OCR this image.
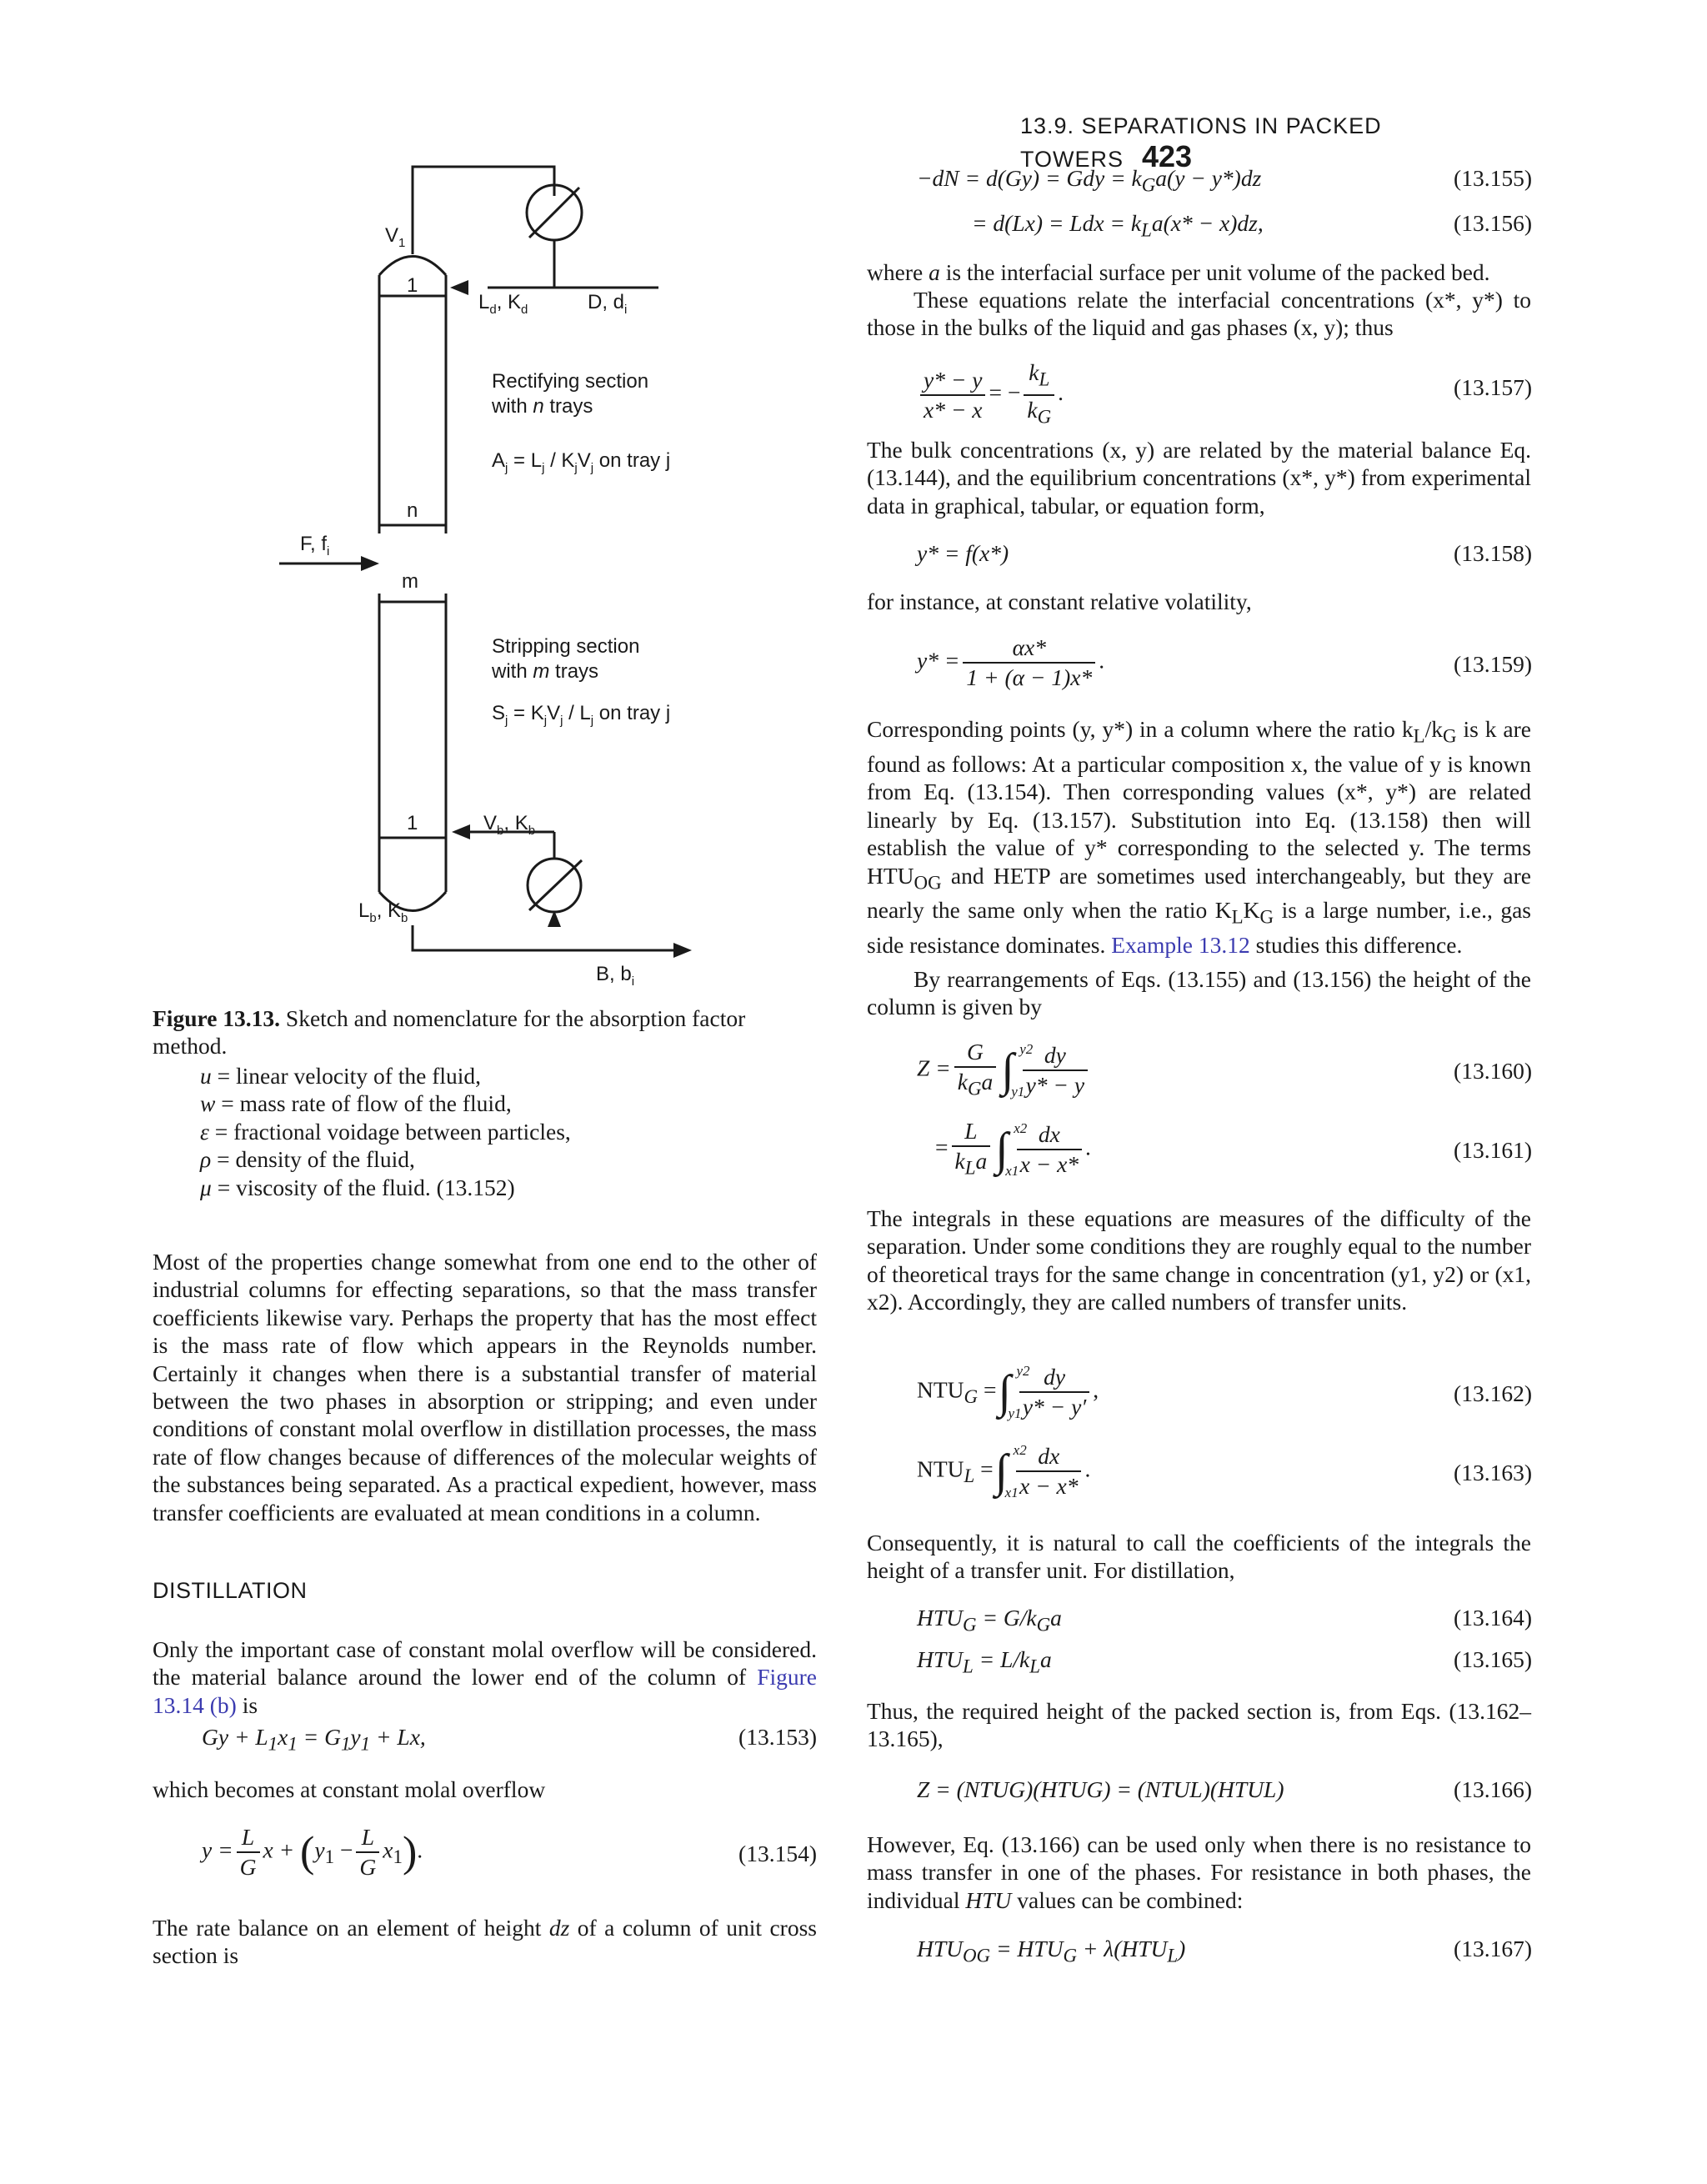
13.9. SEPARATIONS IN PACKED TOWERS 423
$V_1$
1
$L_d$, $K_d$	D, $d_i$
Rectifying section
with n trays
$A_j = L_j / K_jV_j$ on tray j
n
F, $f_i$
m
Stripping section
with m trays
$S_j = K_jV_j / L_j$ on tray j
1	$V_b$, $K_b$
$L_b$, $K_b$
B, $b_i$

Figure 13.13. Sketch and nomenclature for the absorption factor method.

u = linear velocity of the fluid,
w = mass rate of flow of the fluid,
ε = fractional voidage between particles,
ρ = density of the fluid,
μ = viscosity of the fluid. (13.152)

Most of the properties change somewhat from one end to the other of industrial columns for effecting separations, so that the mass transfer coefficients likewise vary. Perhaps the property that has the most effect is the mass rate of flow which appears in the Reynolds number. Certainly it changes when there is a substantial transfer of material between the two phases in absorption or stripping; and even under conditions of constant molal overflow in distillation processes, the mass rate of flow changes because of differences of the molecular weights of the substances being separated. As a practical expedient, however, mass transfer coefficients are evaluated at mean conditions in a column.

DISTILLATION

Only the important case of constant molal overflow will be considered. the material balance around the lower end of the column of Figure 13.14 (b) is

$Gy + L_1x_1 = G_1y_1 + Lx$,	(13.153)

which becomes at constant molal overflow

$y = \frac{L}{G}$ $x + (y_1 - \frac{L}{G} x_1)$.	(13.154)

The rate balance on an element of height dz of a column of unit cross section is

−dN = d(Gy) = Gdy = $k_Ga(y - y*)dz$	(13.155)
= d(Lx) = Ldx = $k_La(x* - x)dz$,	(13.156)

where a is the interfacial surface per unit volume of the packed bed.

These equations relate the interfacial concentrations (x*, y*) to those in the bulks of the liquid and gas phases (x, y); thus

$\frac{y* - y}{x* - x}$ = − $\frac{k_L}{k_G}$ .	(13.157)

The bulk concentrations (x, y) are related by the material balance Eq. (13.144), and the equilibrium concentrations (x*, y*) from experimental data in graphical, tabular, or equation form,

y* = f(x*)	(13.158)

for instance, at constant relative volatility,

$y* = \frac{\alpha x*}{1 + (\alpha - 1)x*}$ .	(13.159)

Corresponding points (y, y*) in a column where the ratio $k_L/k_G$ is k are found as follows: At a particular composition x, the value of y is known from Eq. (13.154). Then corresponding values (x*, y*) are related linearly by Eq. (13.157). Substitution into Eq. (13.158) then will establish the value of y* corresponding to the selected y. The terms $HTU_{OG}$ and HETP are sometimes used interchangeably, but they are nearly the same only when the ratio $K_LK_G$ is a large number, i.e., gas side resistance dominates. Example 13.12 studies this difference.

By rearrangements of Eqs. (13.155) and (13.156) the height of the column is given by

$Z = \frac{G}{k_Ga}$ ∫ y2
y1
$\frac{dy}{y* - y}$	(13.160)
= $\frac{L}{k_La}$ ∫ x2
x1
$\frac{dx}{x - x*}$ .	(13.161)

The integrals in these equations are measures of the difficulty of the separation. Under some conditions they are roughly equal to the number of theoretical trays for the same change in concentration (y1, y2) or (x1, x2). Accordingly, they are called numbers of transfer units.

$NTU_G$ =∫ y2
y1
$\frac{dy}{y* - y'}$ ,	(13.162)
$NTU_L$ =∫ x2
x1
$\frac{dx}{x - x*}$ .	(13.163)

Consequently, it is natural to call the coefficients of the integrals the height of a transfer unit. For distillation,

$HTU_G = G/k_Ga$	(13.164)
$HTU_L = L/k_La$	(13.165)

Thus, the required height of the packed section is, from Eqs. (13.162–13.165),

Z = (NTUG)(HTUG) = (NTUL)(HTUL)	(13.166)

However, Eq. (13.166) can be used only when there is no resistance to mass transfer in one of the phases. For resistance in both phases, the individual HTU values can be combined:

$HTU_{OG} = HTU_G + \lambda(HTU_L)$	(13.167)
